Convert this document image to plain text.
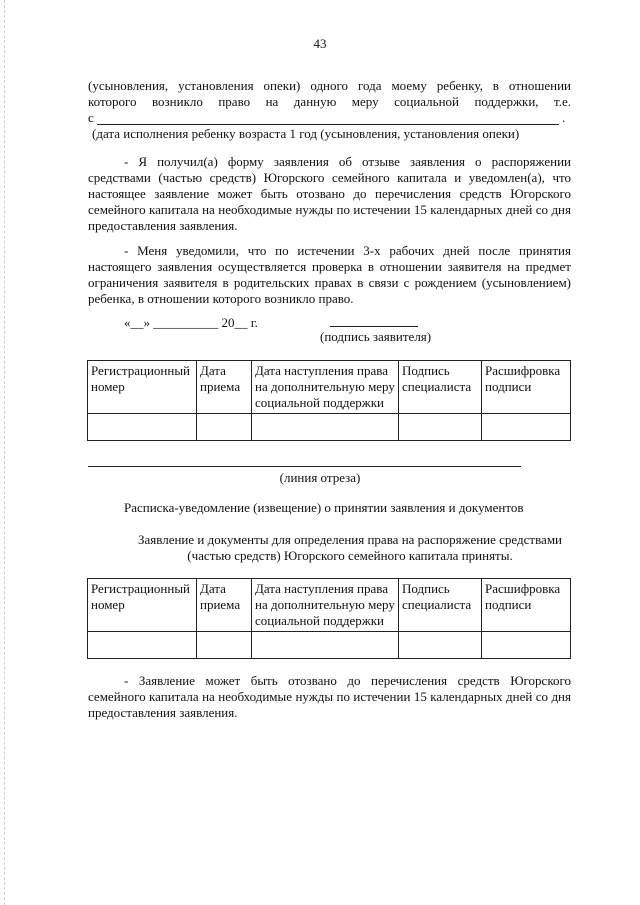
43
(усыновления, установления опеки) одного года моему ребенку, в отношении
которого возникло право на данную меру социальной поддержки, т.е.
с	.
(дата исполнения ребенку возраста 1 год (усыновления, установления опеки)
- Я получил(а) форму заявления об отзыве заявления о распоряжении средствами (частью средств) Югорского семейного капитала и уведомлен(а), что настоящее заявление может быть отозвано до перечисления средств Югорского семейного капитала на необходимые нужды по истечении 15 календарных дней со дня предоставления заявления.
- Меня уведомили, что по истечении 3-х рабочих дней после принятия настоящего заявления осуществляется проверка в отношении заявителя на предмет ограничения заявителя в родительских правах в связи с рождением (усыновлением) ребенка, в отношении которого возникло право.
«__» __________ 20__ г.
(подпись заявителя)
Регистрационный номер	Дата приема	Дата наступления права на дополнительную меру социальной поддержки	Подпись специалиста	Расшифровка подписи

(линия отреза)
Расписка-уведомление (извещение) о принятии заявления и документов
Заявление и документы для определения права на распоряжение средствами (частью средств) Югорского семейного капитала приняты.
Регистрационный номер	Дата приема	Дата наступления права на дополнительную меру социальной поддержки	Подпись специалиста	Расшифровка подписи

- Заявление может быть отозвано до перечисления средств Югорского семейного капитала на необходимые нужды по истечении 15 календарных дней со дня предоставления заявления.
